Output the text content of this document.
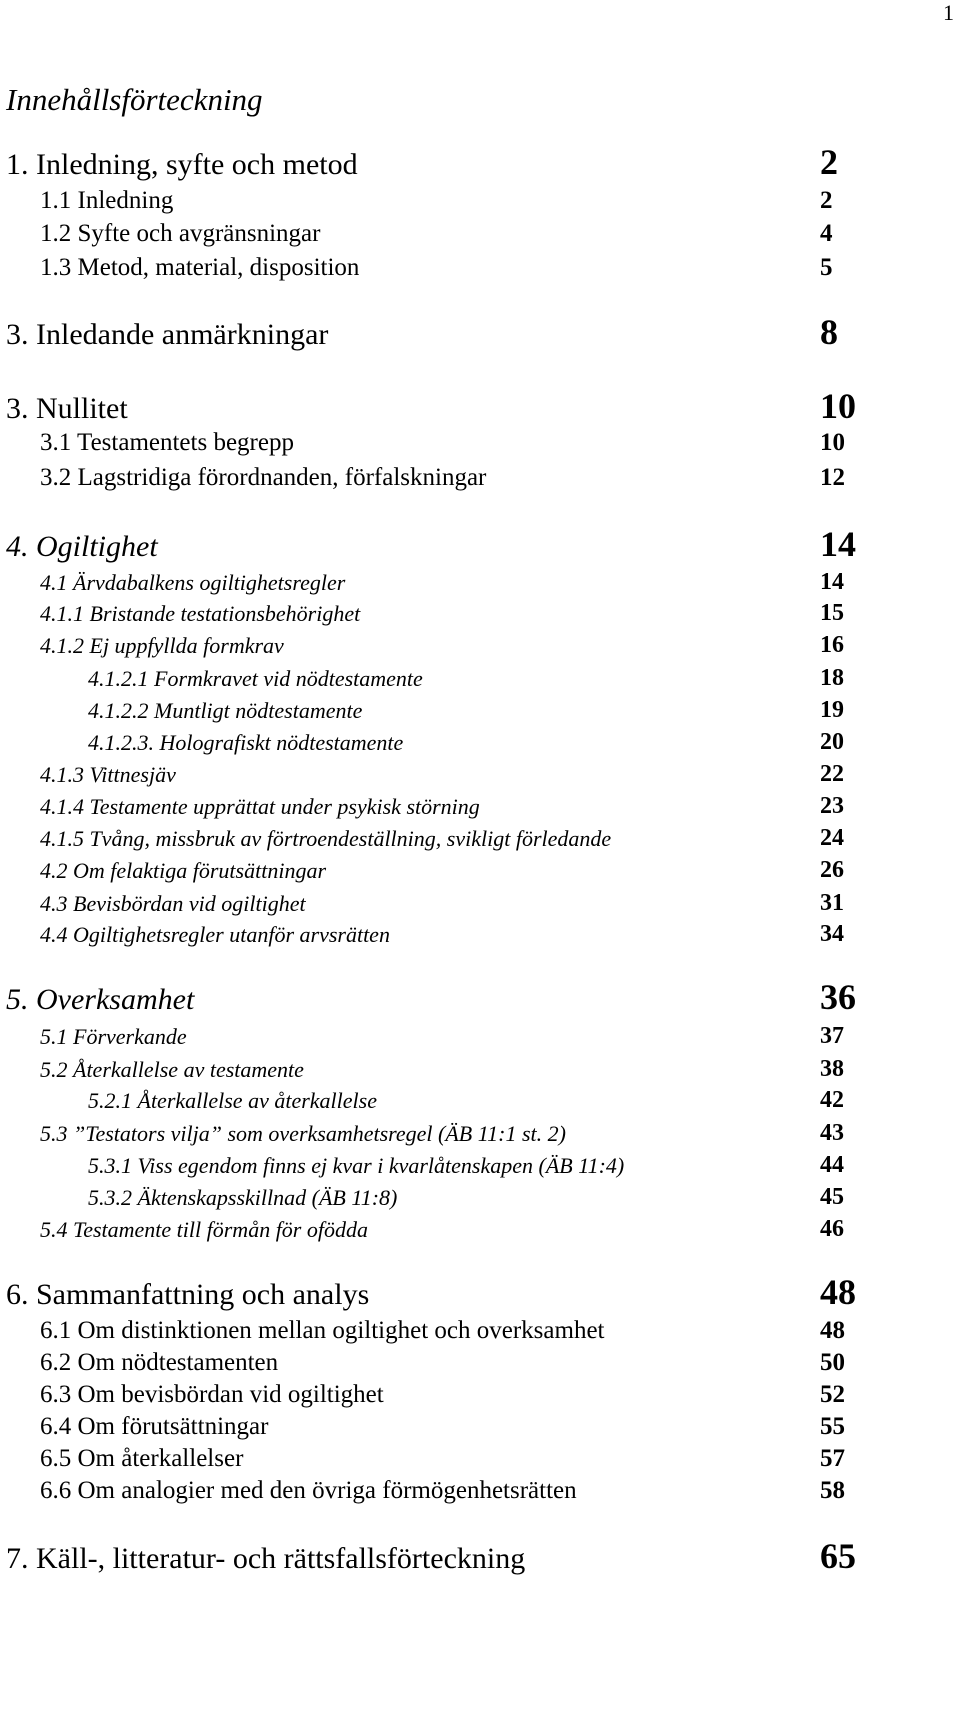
1
Innehållsförteckning
1. Inledning, syfte och metod	2
1.1 Inledning	2
1.2 Syfte och avgränsningar	4
1.3 Metod, material, disposition	5
3. Inledande anmärkningar	8
3. Nullitet	10
3.1 Testamentets begrepp	10
3.2 Lagstridiga förordnanden, förfalskningar	12
4. Ogiltighet	14
4.1 Ärvdabalkens ogiltighetsregler	14
4.1.1 Bristande testationsbehörighet	15
4.1.2 Ej uppfyllda formkrav	16
4.1.2.1 Formkravet vid nödtestamente	18
4.1.2.2 Muntligt nödtestamente	19
4.1.2.3. Holografiskt nödtestamente	20
4.1.3 Vittnesjäv	22
4.1.4 Testamente upprättat under psykisk störning	23
4.1.5 Tvång, missbruk av förtroendeställning, svikligt förledande	24
4.2 Om felaktiga förutsättningar	26
4.3 Bevisbördan vid ogiltighet	31
4.4 Ogiltighetsregler utanför arvsrätten	34
5. Overksamhet	36
5.1 Förverkande	37
5.2 Återkallelse av testamente	38
5.2.1 Återkallelse av återkallelse	42
5.3 ”Testators vilja” som overksamhetsregel (ÄB 11:1 st. 2)	43
5.3.1 Viss egendom finns ej kvar i kvarlåtenskapen (ÄB 11:4)	44
5.3.2 Äktenskapsskillnad (ÄB 11:8)	45
5.4 Testamente till förmån för ofödda	46
6. Sammanfattning och analys	48
6.1 Om distinktionen mellan ogiltighet och overksamhet	48
6.2 Om nödtestamenten	50
6.3 Om bevisbördan vid ogiltighet	52
6.4 Om förutsättningar	55
6.5 Om återkallelser	57
6.6 Om analogier med den övriga förmögenhetsrätten	58
7. Käll-, litteratur- och rättsfallsförteckning	65
